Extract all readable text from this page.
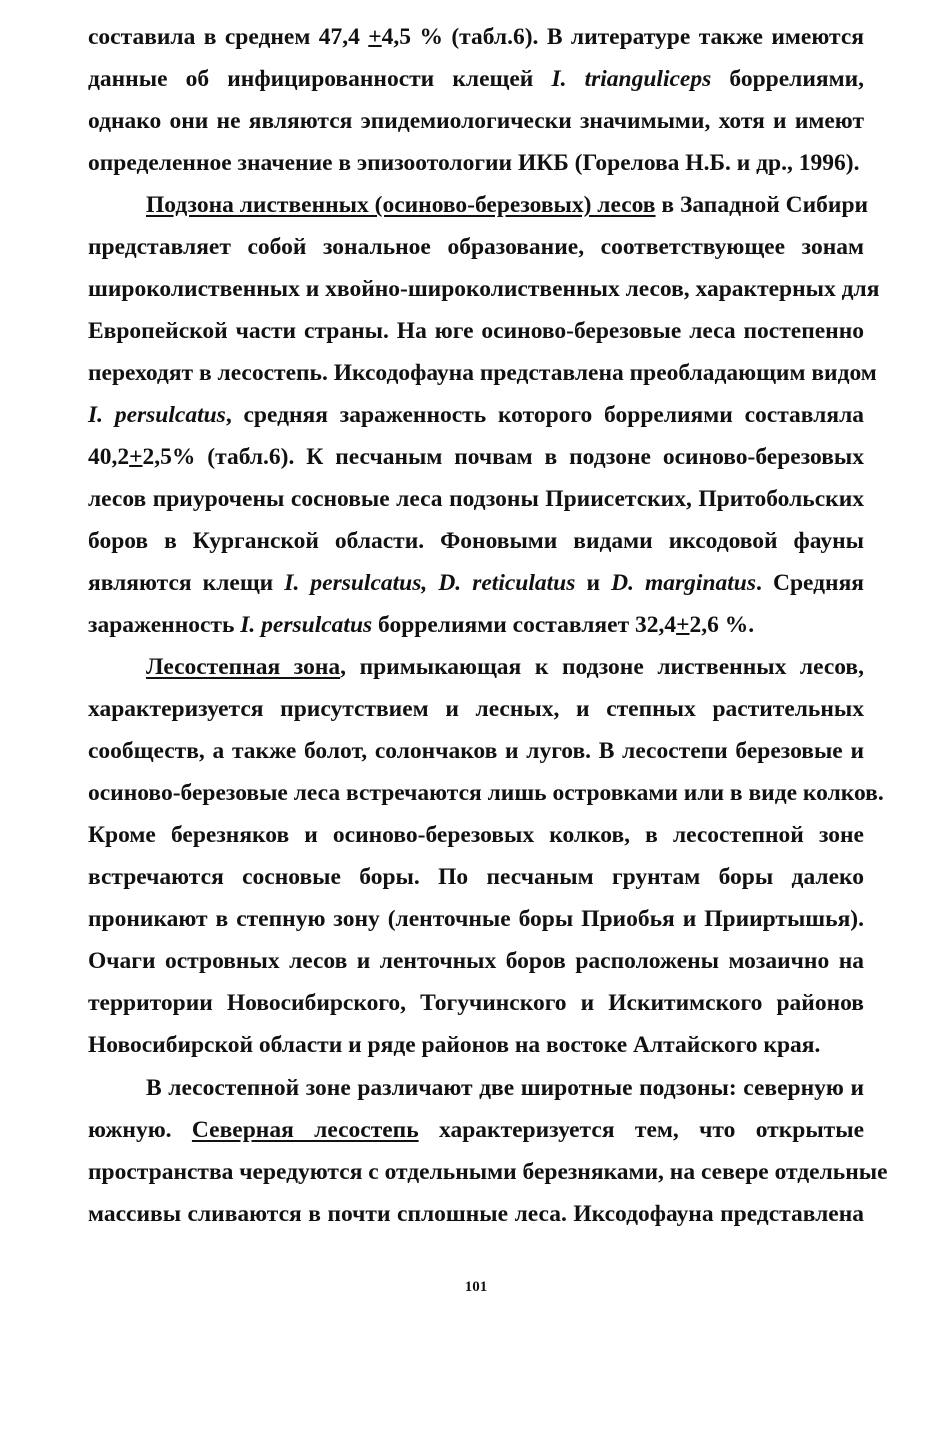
составила в среднем 47,4 +4,5 % (табл.6). В литературе также имеются
данные об инфицированности клещей I. trianguliceps боррелиями,
однако они не являются эпидемиологически значимыми, хотя и имеют
определенное значение в эпизоотологии ИКБ (Горелова Н.Б. и др., 1996).
Подзона лиственных (осиново-березовых) лесов в Западной Сибири
представляет собой зональное образование, соответствующее зонам
широколиственных и хвойно-широколиственных лесов, характерных для
Европейской части страны. На юге осиново-березовые леса постепенно
переходят в лесостепь. Иксодофауна представлена преобладающим видом
I. persulcatus, средняя зараженность которого боррелиями составляла
40,2+2,5% (табл.6). К песчаным почвам в подзоне осиново-березовых
лесов приурочены сосновые леса подзоны Приисетских, Притобольских
боров в Курганской области. Фоновыми видами иксодовой фауны
являются клещи I. persulcatus, D. reticulatus и D. marginatus. Средняя
зараженность I. persulcatus боррелиями составляет 32,4+2,6 %.
Лесостепная зона, примыкающая к подзоне лиственных лесов,
характеризуется присутствием и лесных, и степных растительных
сообществ, а также болот, солончаков и лугов. В лесостепи березовые и
осиново-березовые леса встречаются лишь островками или в виде колков.
Кроме березняков и осиново-березовых колков, в лесостепной зоне
встречаются сосновые боры. По песчаным грунтам боры далеко
проникают в степную зону (ленточные боры Приобья и Прииртышья).
Очаги островных лесов и ленточных боров расположены мозаично на
территории Новосибирского, Тогучинского и Искитимского районов
Новосибирской области и ряде районов на востоке Алтайского края.
В лесостепной зоне различают две широтные подзоны: северную и
южную. Северная лесостепь характеризуется тем, что открытые
пространства чередуются с отдельными березняками, на севере отдельные
массивы сливаются в почти сплошные леса. Иксодофауна представлена
101
